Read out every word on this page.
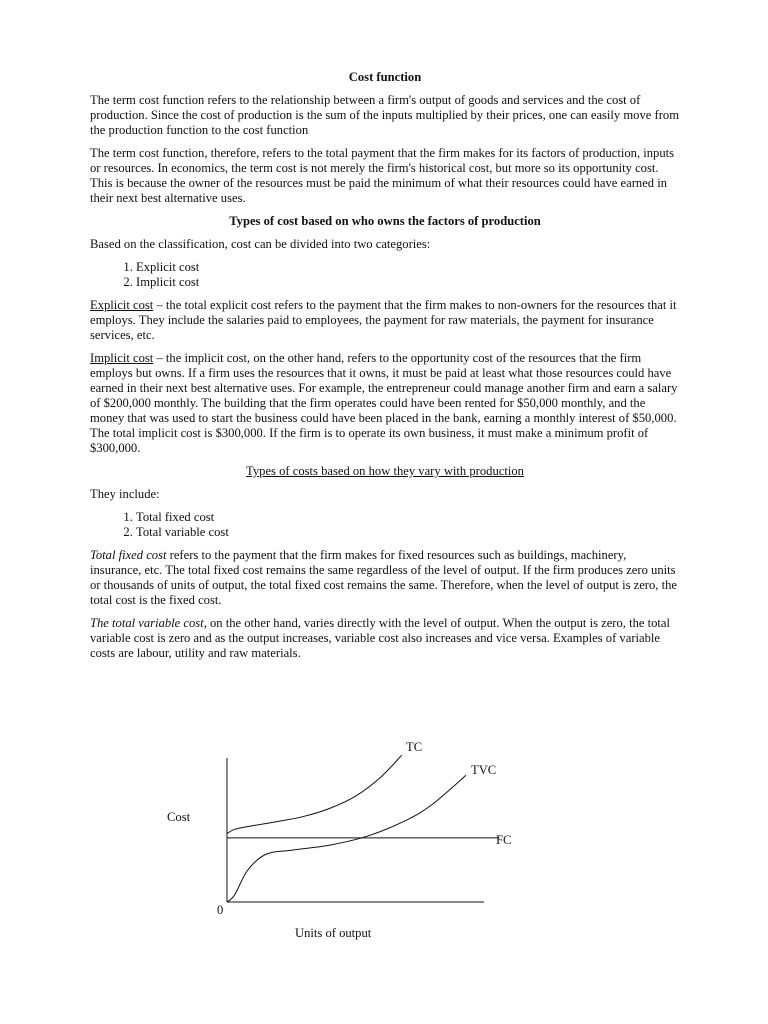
Cost function

The term cost function refers to the relationship between a firm's output of goods and services and the cost of production. Since the cost of production is the sum of the inputs multiplied by their prices, one can easily move from the production function to the cost function

The term cost function, therefore, refers to the total payment that the firm makes for its factors of production, inputs or resources. In economics, the term cost is not merely the firm's historical cost, but more so its opportunity cost. This is because the owner of the resources must be paid the minimum of what their resources could have earned in their next best alternative uses.

Types of cost based on who owns the factors of production

Based on the classification, cost can be divided into two categories:

1. Explicit cost
2. Implicit cost

Explicit cost – the total explicit cost refers to the payment that the firm makes to non-owners for the resources that it employs. They include the salaries paid to employees, the payment for raw materials, the payment for insurance services, etc.

Implicit cost – the implicit cost, on the other hand, refers to the opportunity cost of the resources that the firm employs but owns. If a firm uses the resources that it owns, it must be paid at least what those resources could have earned in their next best alternative uses. For example, the entrepreneur could manage another firm and earn a salary of $200,000 monthly. The building that the firm operates could have been rented for $50,000 monthly, and the money that was used to start the business could have been placed in the bank, earning a monthly interest of $50,000. The total implicit cost is $300,000. If the firm is to operate its own business, it must make a minimum profit of $300,000.

Types of costs based on how they vary with production

They include:

1. Total fixed cost
2. Total variable cost

Total fixed cost refers to the payment that the firm makes for fixed resources such as buildings, machinery, insurance, etc. The total fixed cost remains the same regardless of the level of output. If the firm produces zero units or thousands of units of output, the total fixed cost remains the same. Therefore, when the level of output is zero, the total cost is the fixed cost.

The total variable cost, on the other hand, varies directly with the level of output. When the output is zero, the total variable cost is zero and as the output increases, variable cost also increases and vice versa. Examples of variable costs are labour, utility and raw materials.

Cost
Units of output
0
TC
TVC
FC
